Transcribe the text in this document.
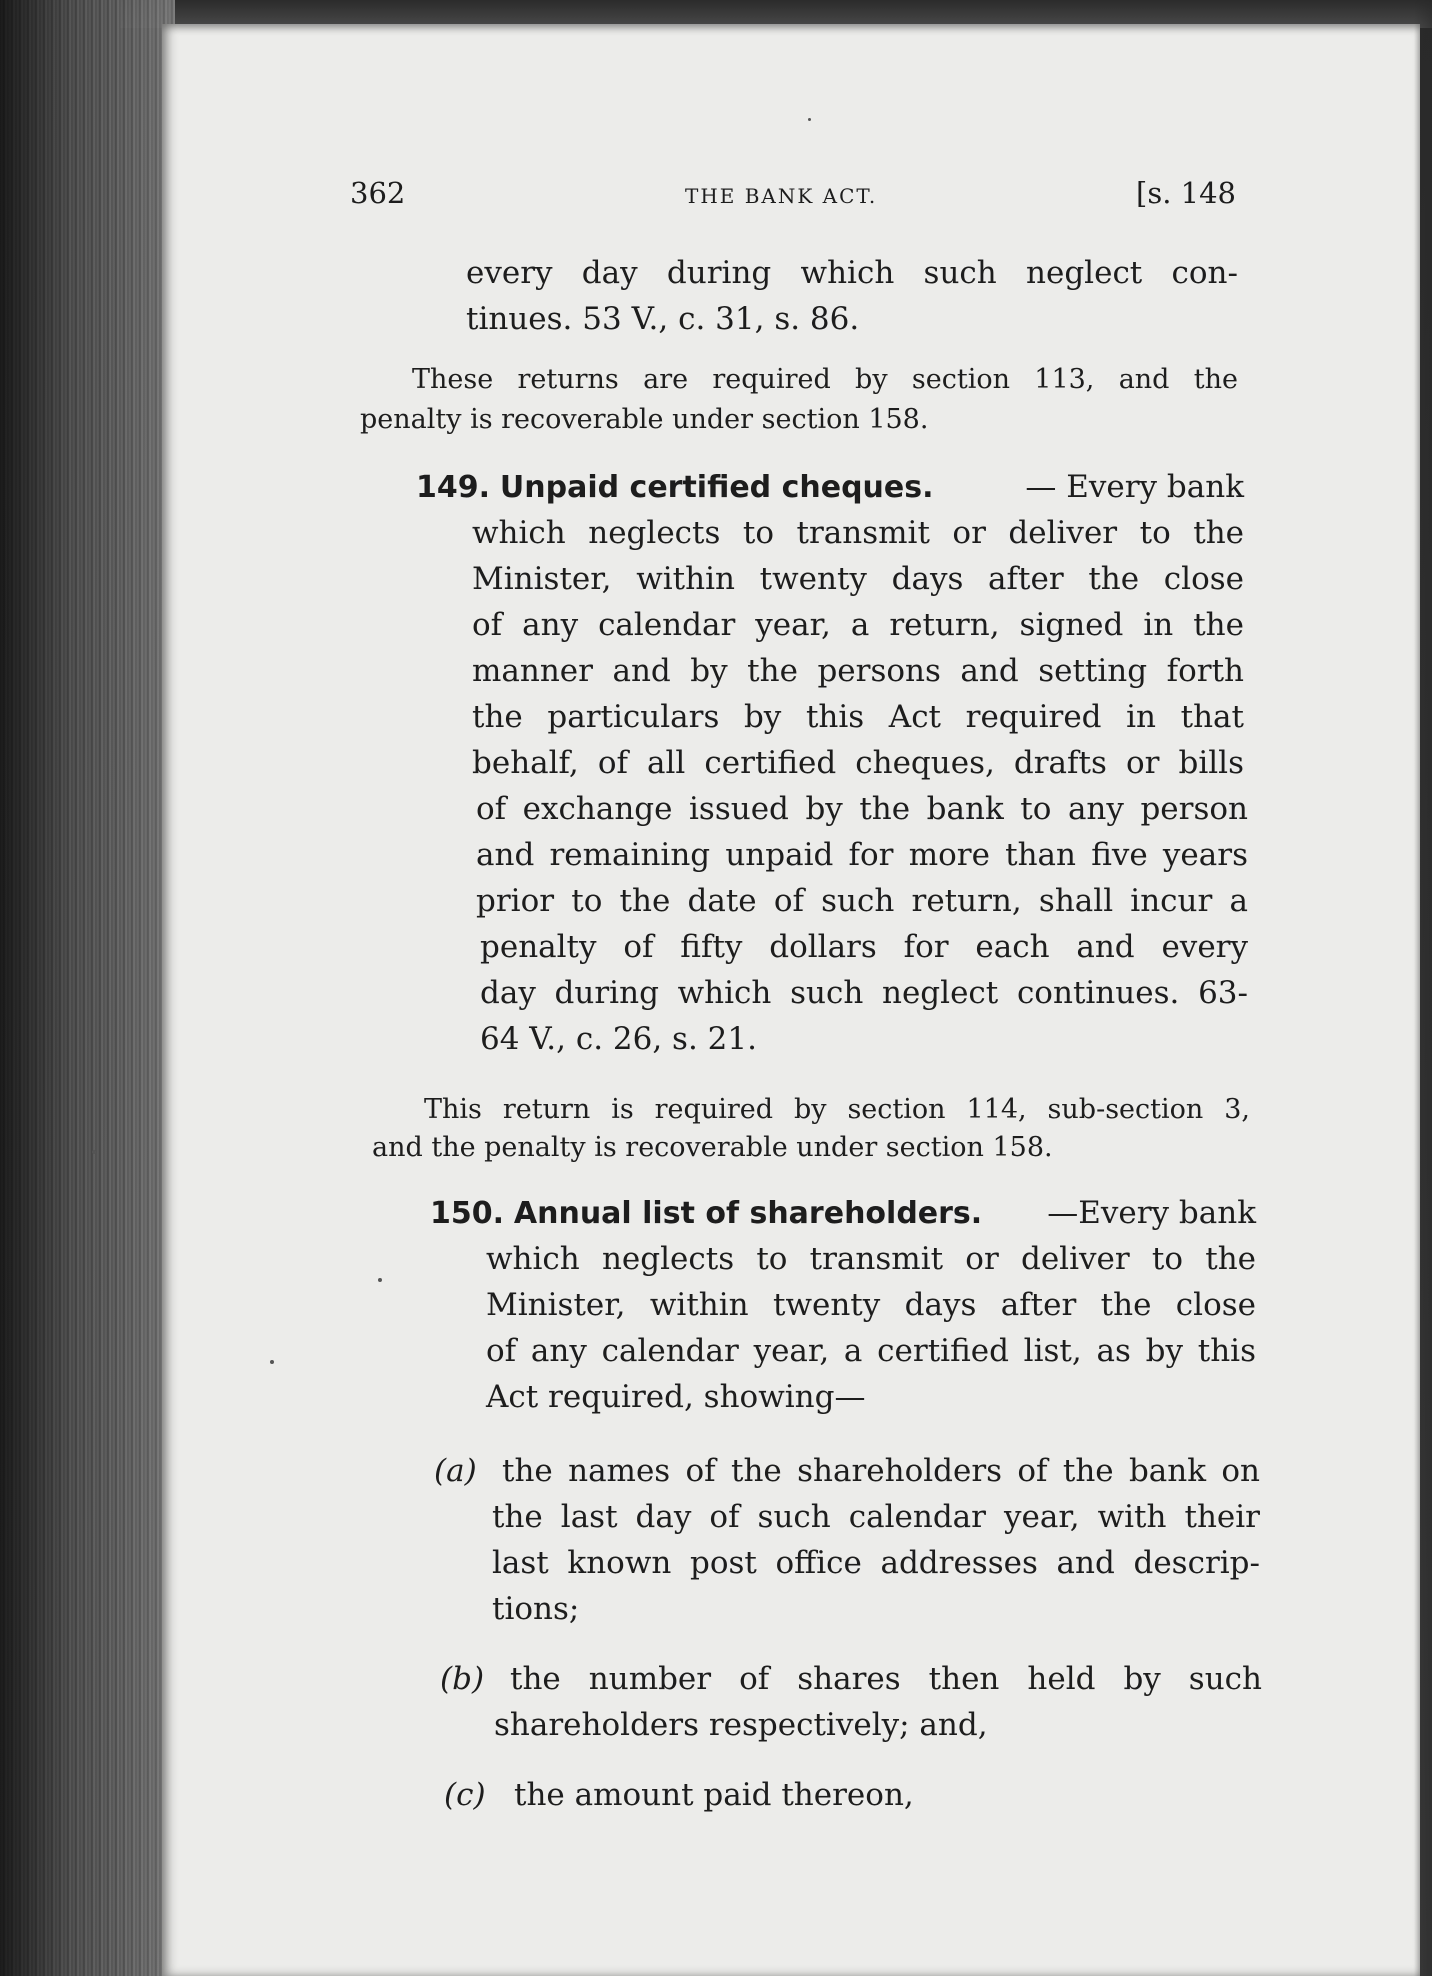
362	THE BANK ACT.	[s. 148
every day during which such neglect con-
tinues. 53 V., c. 31, s. 86.
These returns are required by section 113, and the
penalty is recoverable under section 158.
149. Unpaid certified cheques.	— Every bank
which neglects to transmit or deliver to the
Minister, within twenty days after the close
of any calendar year, a return, signed in the
manner and by the persons and setting forth
the particulars by this Act required in that
behalf, of all certified cheques, drafts or bills
of exchange issued by the bank to any person
and remaining unpaid for more than five years
prior to the date of such return, shall incur a
penalty of fifty dollars for each and every
day during which such neglect continues. 63-
64 V., c. 26, s. 21.
This return is required by section 114, sub-section 3,
and the penalty is recoverable under section 158.
150. Annual list of shareholders. —Every bank
which neglects to transmit or deliver to the
Minister, within twenty days after the close
of any calendar year, a certified list, as by this
Act required, showing—
(a) the names of the shareholders of the bank on
the last day of such calendar year, with their
last known post office addresses and descrip-
tions;
(b) the number of shares then held by such
shareholders respectively; and,
(c) the amount paid thereon,
